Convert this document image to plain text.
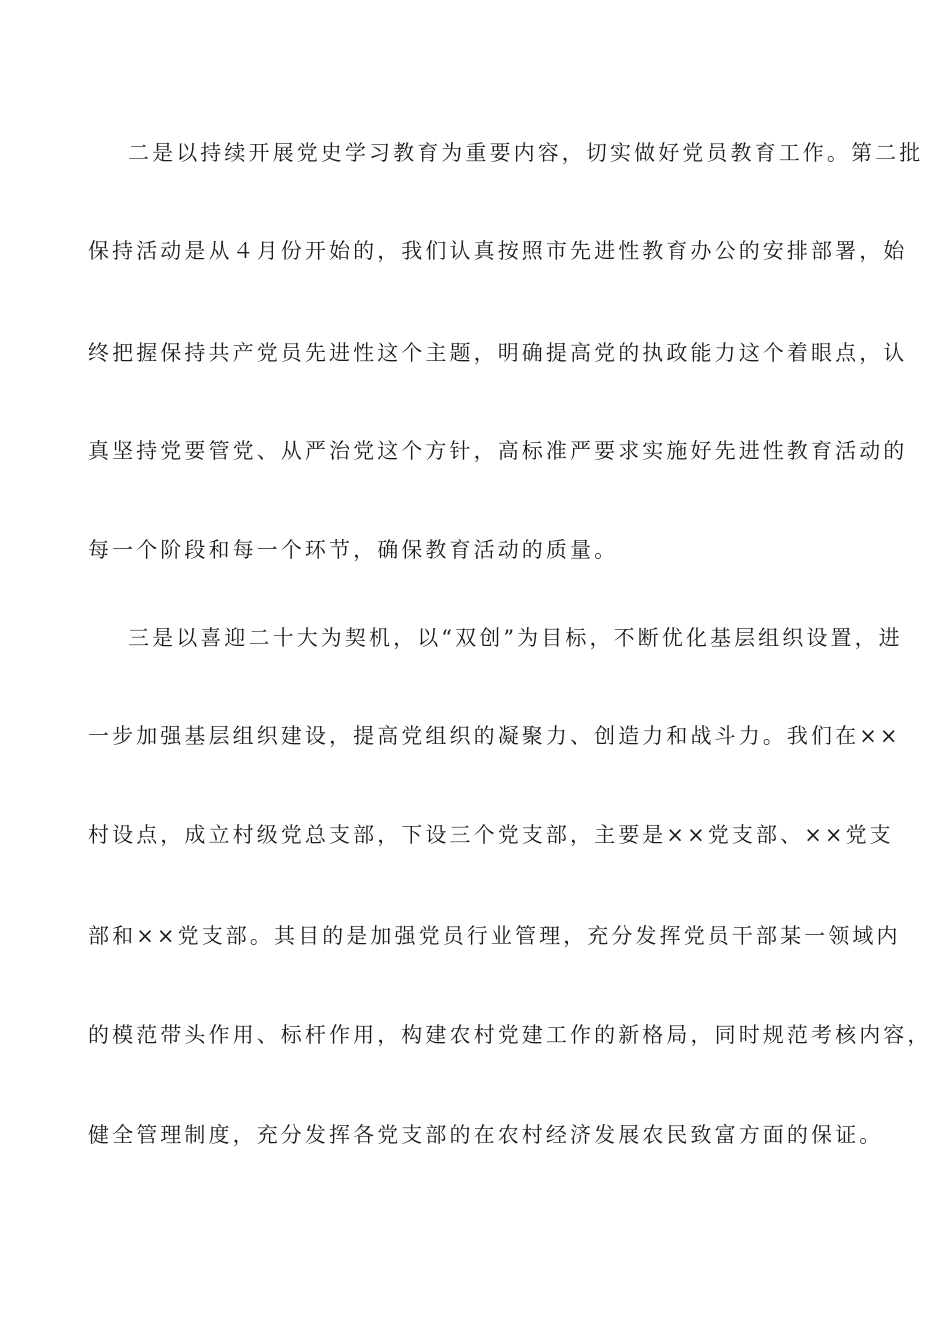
二是以持续开展党史学习教育为重要内容，切实做好党员教育工作。第二批
保持活动是从４月份开始的，我们认真按照市先进性教育办公的安排部署，始
终把握保持共产党员先进性这个主题，明确提高党的执政能力这个着眼点，认
真坚持党要管党、从严治党这个方针，高标准严要求实施好先进性教育活动的
每一个阶段和每一个环节，确保教育活动的质量。
三是以喜迎二十大为契机，以“双创”为目标，不断优化基层组织设置，进
一步加强基层组织建设，提高党组织的凝聚力、创造力和战斗力。我们在××
村设点，成立村级党总支部，下设三个党支部，主要是××党支部、××党支
部和××党支部。其目的是加强党员行业管理，充分发挥党员干部某一领域内
的模范带头作用、标杆作用，构建农村党建工作的新格局，同时规范考核内容，
健全管理制度，充分发挥各党支部的在农村经济发展农民致富方面的保证。
